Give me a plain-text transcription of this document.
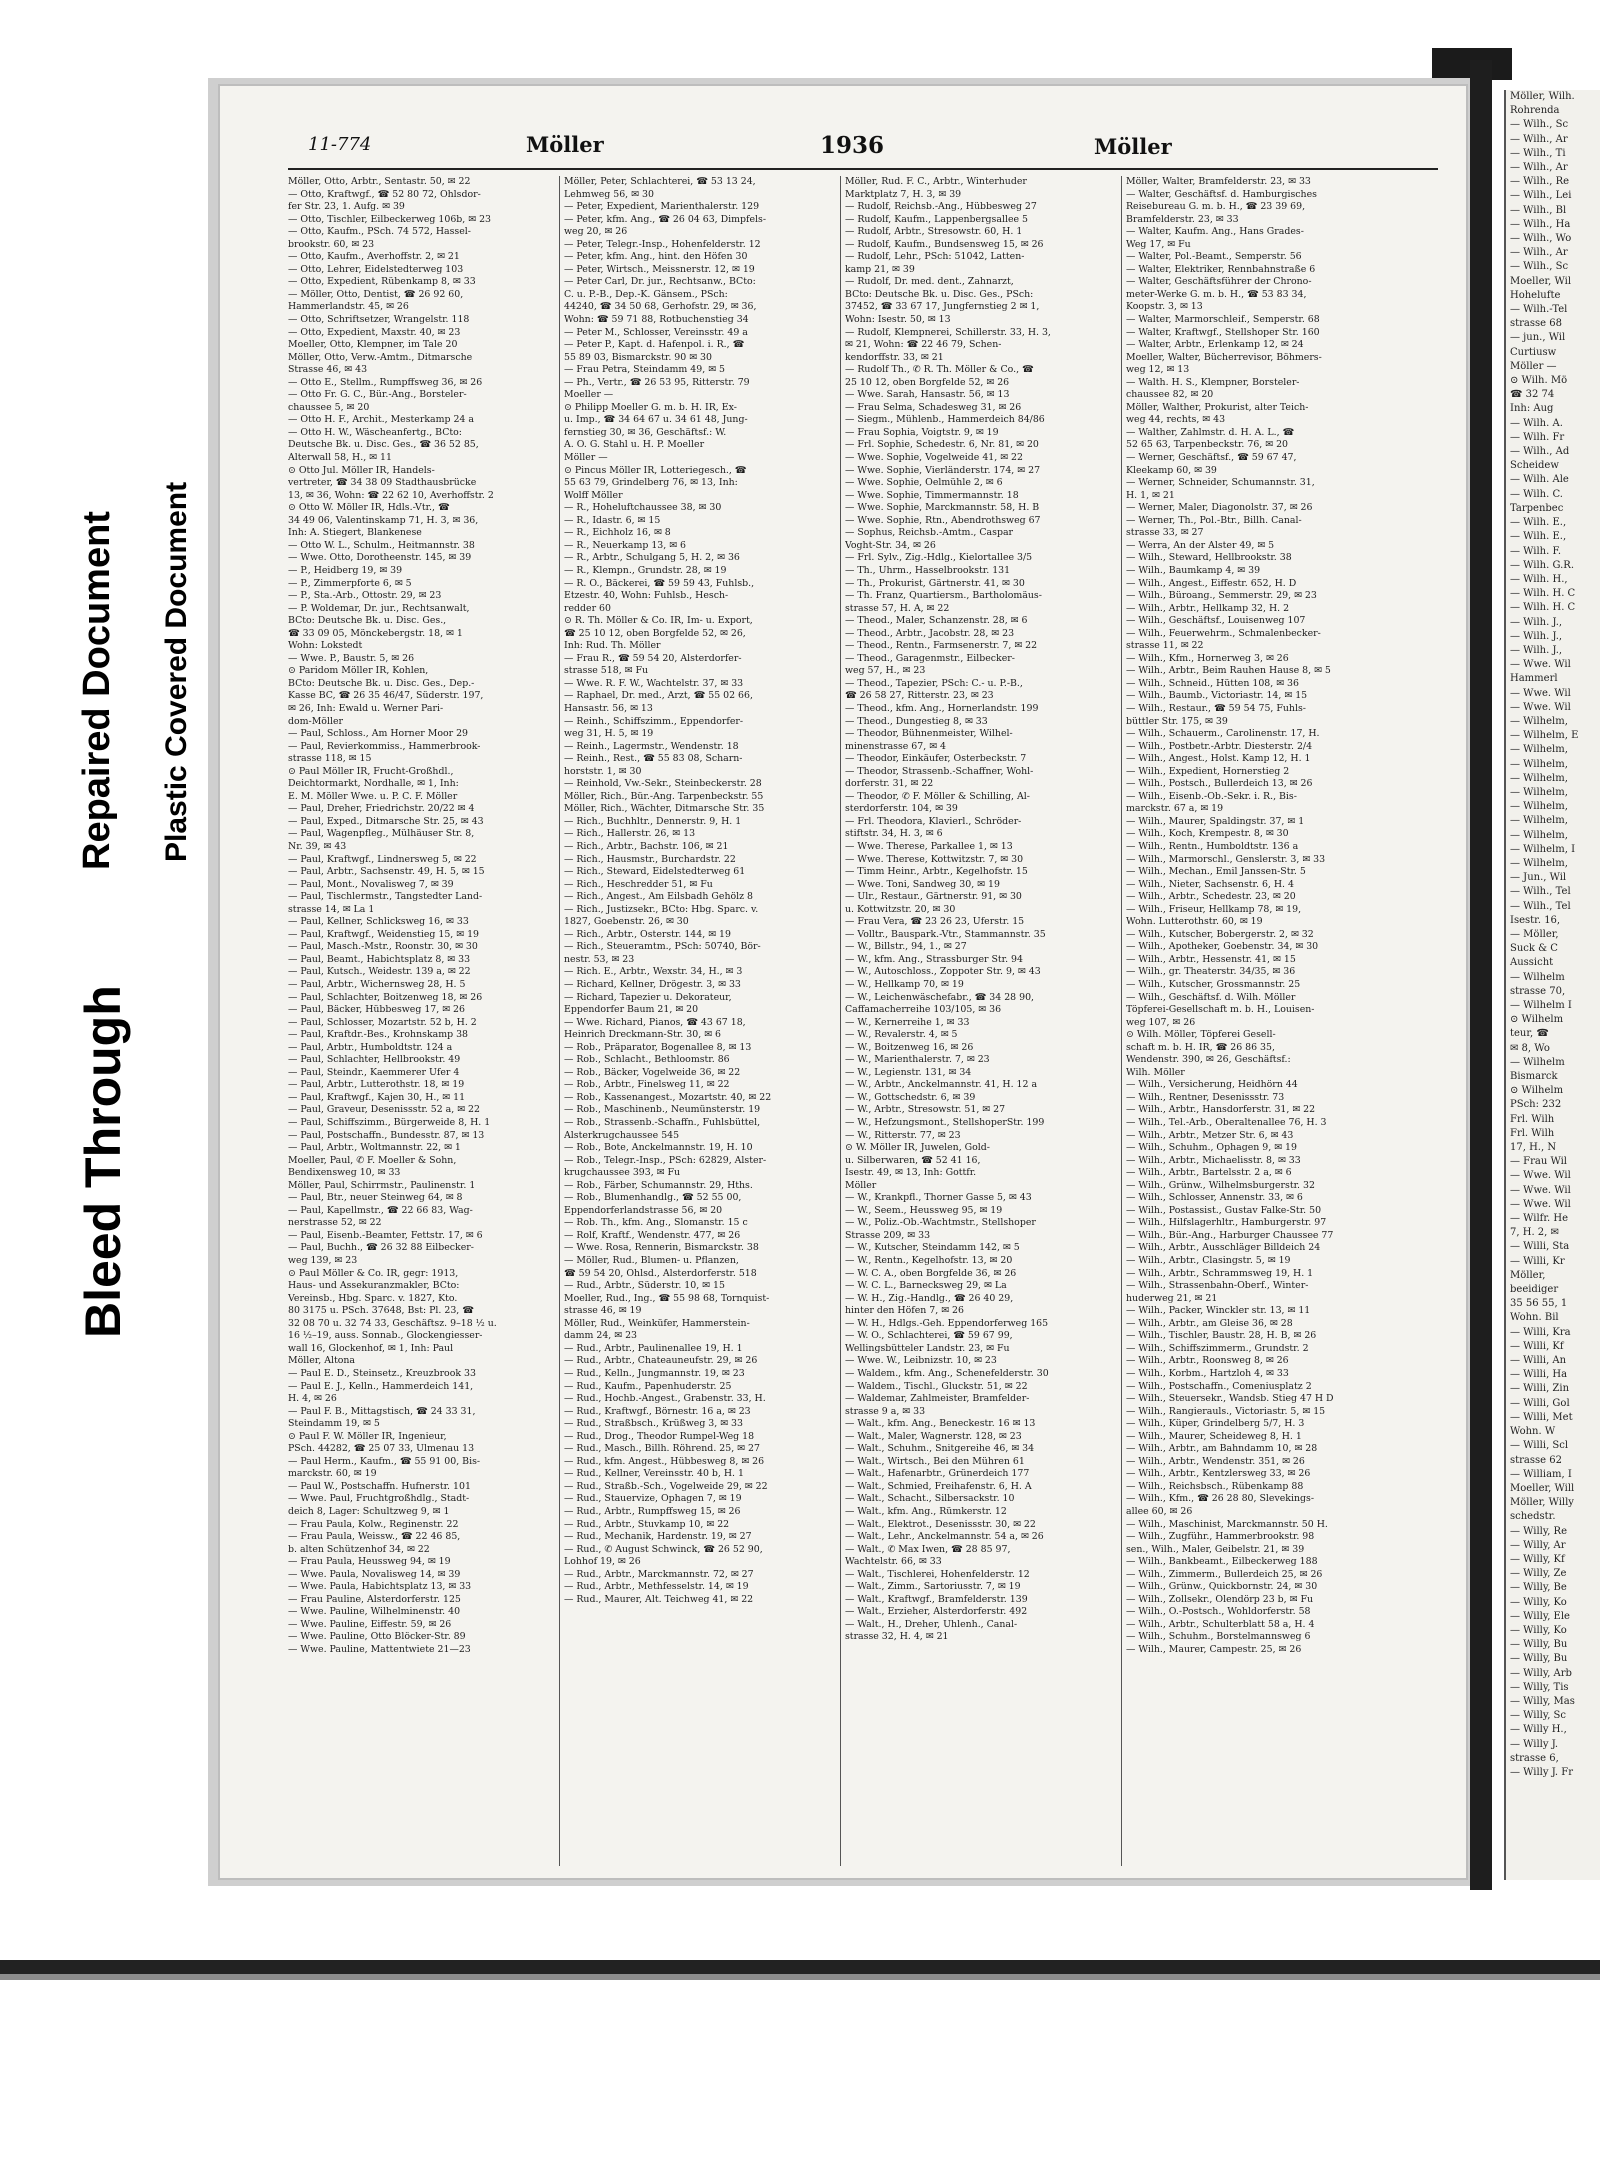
Möller, Wilh.
Rohrenda
— Wilh., Sc
— Wilh., Ar
— Wilh., Ti
— Wilh., Ar
— Wilh., Re
— Wilh., Lei
— Wilh., Bl
— Wilh., Ha
— Wilh., Wo
— Wilh., Ar
— Wilh., Sc
Moeller, Wil
Hohelufte
— Wilh.-Tel
strasse 68
— jun., Wil
Curtiusw
Möller —
⊙ Wilh. Mö
☎ 32 74
Inh: Aug
— Wilh. A.
— Wilh. Fr
— Wilh., Ad
Scheidew
— Wilh. Ale
— Wilh. C.
Tarpenbec
— Wilh. E.,
— Wilh. E.,
— Wilh. F.
— Wilh. G.R.
— Wilh. H.,
— Wilh. H. C
— Wilh. H. C
— Wilh. J.,
— Wilh. J.,
— Wilh. J.,
— Wwe. Wil
Hammerl
— Wwe. Wil
— Wwe. Wil
— Wilhelm,
— Wilhelm, E
— Wilhelm,
— Wilhelm,
— Wilhelm,
— Wilhelm,
— Wilhelm,
— Wilhelm,
— Wilhelm,
— Wilhelm, I
— Wilhelm,
— Jun., Wil
— Wilh., Tel
— Wilh., Tel
Isestr. 16,
— Möller,
Suck & C
Aussicht
— Wilhelm
strasse 70,
— Wilhelm I
⊙ Wilhelm
teur, ☎
✉ 8, Wo
— Wilhelm
Bismarck
⊙ Wilhelm
PSch: 232
Frl. Wilh
Frl. Wilh
17, H., N
— Frau Wil
— Wwe. Wil
— Wwe. Wil
— Wwe. Wil
— Wilfr. He
7, H. 2, ✉
— Willi, Sta
— Willi, Kr
Möller,
beeidiger
35 56 55, 1
Wohn. Bil
— Willi, Kra
— Willi, Kf
— Willi, An
— Willi, Ha
— Willi, Zin
— Willi, Gol
— Willi, Met
Wohn. W
— Willi, Scl
strasse 62
— William, I
Moeller, Will
Möller, Willy
schedstr.
— Willy, Re
— Willy, Ar
— Willy, Kf
— Willy, Ze
— Willy, Be
— Willy, Ko
— Willy, Ele
— Willy, Ko
— Willy, Bu
— Willy, Bu
— Willy, Arb
— Willy, Tis
— Willy, Mas
— Willy, Sc
— Willy H.,
— Willy J.
strasse 6,
— Willy J. Fr
11-774	Möller	1936	Möller
Möller, Otto, Arbtr., Sentastr. 50, ✉ 22
— Otto, Kraftwgf., ☎ 52 80 72, Ohlsdor-
fer Str. 23, 1. Aufg. ✉ 39
— Otto, Tischler, Eilbeckerweg 106b, ✉ 23
— Otto, Kaufm., PSch. 74 572, Hassel-
brookstr. 60, ✉ 23
— Otto, Kaufm., Averhoffstr. 2, ✉ 21
— Otto, Lehrer, Eidelstedterweg 103
— Otto, Expedient, Rübenkamp 8, ✉ 33
— Möller, Otto, Dentist, ☎ 26 92 60,
Hammerlandstr. 45, ✉ 26
— Otto, Schriftsetzer, Wrangelstr. 118
— Otto, Expedient, Maxstr. 40, ✉ 23
Moeller, Otto, Klempner, im Tale 20
Möller, Otto, Verw.-Amtm., Ditmarsche
Strasse 46, ✉ 43
— Otto E., Stellm., Rumpffsweg 36, ✉ 26
— Otto Fr. G. C., Bür.-Ang., Borsteler-
chaussee 5, ✉ 20
— Otto H. F., Archit., Mesterkamp 24 a
— Otto H. W., Wäscheanfertg., BCto:
Deutsche Bk. u. Disc. Ges., ☎ 36 52 85,
Alterwall 58, H., ✉ 11
⊙ Otto Jul. Möller IR, Handels-
vertreter, ☎ 34 38 09 Stadthausbrücke
13, ✉ 36, Wohn: ☎ 22 62 10, Averhoffstr. 2
⊙ Otto W. Möller IR, Hdls.-Vtr., ☎
34 49 06, Valentinskamp 71, H. 3, ✉ 36,
Inh: A. Stiegert, Blankenese
— Otto W. L., Schulm., Heitmannstr. 38
— Wwe. Otto, Dorotheenstr. 145, ✉ 39
— P., Heidberg 19, ✉ 39
— P., Zimmerpforte 6, ✉ 5
— P., Sta.-Arb., Ottostr. 29, ✉ 23
— P. Woldemar, Dr. jur., Rechtsanwalt,
BCto: Deutsche Bk. u. Disc. Ges.,
☎ 33 09 05, Mönckebergstr. 18, ✉ 1
Wohn: Lokstedt
— Wwe. P., Baustr. 5, ✉ 26
⊙ Paridom Möller IR, Kohlen,
BCto: Deutsche Bk. u. Disc. Ges., Dep.-
Kasse BC, ☎ 26 35 46/47, Süderstr. 197,
✉ 26, Inh: Ewald u. Werner Pari-
dom-Möller
— Paul, Schloss., Am Horner Moor 29
— Paul, Revierkommiss., Hammerbrook-
strasse 118, ✉ 15
⊙ Paul Möller IR, Frucht-Großhdl.,
Deichtormarkt, Nordhalle, ✉ 1, Inh:
E. M. Möller Wwe. u. P. C. F. Möller
— Paul, Dreher, Friedrichstr. 20/22 ✉ 4
— Paul, Exped., Ditmarsche Str. 25, ✉ 43
— Paul, Wagenpfleg., Mülhäuser Str. 8,
Nr. 39, ✉ 43
— Paul, Kraftwgf., Lindnersweg 5, ✉ 22
— Paul, Arbtr., Sachsenstr. 49, H. 5, ✉ 15
— Paul, Mont., Novalisweg 7, ✉ 39
— Paul, Tischlermstr., Tangstedter Land-
strasse 14, ✉ La 1
— Paul, Kellner, Schlicksweg 16, ✉ 33
— Paul, Kraftwgf., Weidenstieg 15, ✉ 19
— Paul, Masch.-Mstr., Roonstr. 30, ✉ 30
— Paul, Beamt., Habichtsplatz 8, ✉ 33
— Paul, Kutsch., Weidestr. 139 a, ✉ 22
— Paul, Arbtr., Wichernsweg 28, H. 5
— Paul, Schlachter, Boitzenweg 18, ✉ 26
— Paul, Bäcker, Hübbesweg 17, ✉ 26
— Paul, Schlosser, Mozartstr. 52 b, H. 2
— Paul, Kraftdr.-Bes., Krohnskamp 38
— Paul, Arbtr., Humboldtstr. 124 a
— Paul, Schlachter, Hellbrookstr. 49
— Paul, Steindr., Kaemmerer Ufer 4
— Paul, Arbtr., Lutterothstr. 18, ✉ 19
— Paul, Kraftwgf., Kajen 30, H., ✉ 11
— Paul, Graveur, Desenissstr. 52 a, ✉ 22
— Paul, Schiffszimm., Bürgerweide 8, H. 1
— Paul, Postschaffn., Bundesstr. 87, ✉ 13
— Paul, Arbtr., Woltmannstr. 22, ✉ 1
Moeller, Paul, ✆ F. Moeller & Sohn,
Bendixensweg 10, ✉ 33
Möller, Paul, Schirrmstr., Paulinenstr. 1
— Paul, Btr., neuer Steinweg 64, ✉ 8
— Paul, Kapellmstr., ☎ 22 66 83, Wag-
nerstrasse 52, ✉ 22
— Paul, Eisenb.-Beamter, Fettstr. 17, ✉ 6
— Paul, Buchh., ☎ 26 32 88 Eilbecker-
weg 139, ✉ 23
⊙ Paul Möller & Co. IR, gegr: 1913,
Haus- und Assekuranzmakler, BCto:
Vereinsb., Hbg. Sparc. v. 1827, Kto.
80 3175 u. PSch. 37648, Bst: Pl. 23, ☎
32 08 70 u. 32 74 33, Geschäftsz. 9–18 ½ u.
16 ½–19, auss. Sonnab., Glockengiesser-
wall 16, Glockenhof, ✉ 1, Inh: Paul
Möller, Altona
— Paul E. D., Steinsetz., Kreuzbrook 33
— Paul E. J., Kelln., Hammerdeich 141,
H. 4, ✉ 26
— Paul F. B., Mittagstisch, ☎ 24 33 31,
Steindamm 19, ✉ 5
⊙ Paul F. W. Möller IR, Ingenieur,
PSch. 44282, ☎ 25 07 33, Ulmenau 13
— Paul Herm., Kaufm., ☎ 55 91 00, Bis-
marckstr. 60, ✉ 19
— Paul W., Postschaffn. Hufnerstr. 101
— Wwe. Paul, Fruchtgroßhdlg., Stadt-
deich 8, Lager: Schultzweg 9, ✉ 1
— Frau Paula, Kolw., Reginenstr. 22
— Frau Paula, Weissw., ☎ 22 46 85,
b. alten Schützenhof 34, ✉ 22
— Frau Paula, Heussweg 94, ✉ 19
— Wwe. Paula, Novalisweg 14, ✉ 39
— Wwe. Paula, Habichtsplatz 13, ✉ 33
— Frau Pauline, Alsterdorferstr. 125
— Wwe. Pauline, Wilhelminenstr. 40
— Wwe. Pauline, Eiffestr. 59, ✉ 26
— Wwe. Pauline, Otto Blöcker-Str. 89
— Wwe. Pauline, Mattentwiete 21—23
Möller, Peter, Schlachterei, ☎ 53 13 24,
Lehmweg 56, ✉ 30
— Peter, Expedient, Marienthalerstr. 129
— Peter, kfm. Ang., ☎ 26 04 63, Dimpfels-
weg 20, ✉ 26
— Peter, Telegr.-Insp., Hohenfelderstr. 12
— Peter, kfm. Ang., hint. den Höfen 30
— Peter, Wirtsch., Meissnerstr. 12, ✉ 19
— Peter Carl, Dr. jur., Rechtsanw., BCto:
C. u. P.-B., Dep.-K. Gänsem., PSch:
44240, ☎ 34 50 68, Gerhofstr. 29, ✉ 36,
Wohn: ☎ 59 71 88, Rotbuchenstieg 34
— Peter M., Schlosser, Vereinsstr. 49 a
— Peter P., Kapt. d. Hafenpol. i. R., ☎
55 89 03, Bismarckstr. 90 ✉ 30
— Frau Petra, Steindamm 49, ✉ 5
— Ph., Vertr., ☎ 26 53 95, Ritterstr. 79
Moeller —
⊙ Philipp Moeller G. m. b. H. IR, Ex-
u. Imp., ☎ 34 64 67 u. 34 61 48, Jung-
fernstieg 30, ✉ 36, Geschäftsf.: W.
A. O. G. Stahl u. H. P. Moeller
Möller —
⊙ Pincus Möller IR, Lotteriegesch., ☎
55 63 79, Grindelberg 76, ✉ 13, Inh:
Wolff Möller
— R., Hoheluftchaussee 38, ✉ 30
— R., Idastr. 6, ✉ 15
— R., Eichholz 16, ✉ 8
— R., Neuerkamp 13, ✉ 6
— R., Arbtr., Schulgang 5, H. 2, ✉ 36
— R., Klempn., Grundstr. 28, ✉ 19
— R. O., Bäckerei, ☎ 59 59 43, Fuhlsb.,
Etzestr. 40, Wohn: Fuhlsb., Hesch-
redder 60
⊙ R. Th. Möller & Co. IR, Im- u. Export,
☎ 25 10 12, oben Borgfelde 52, ✉ 26,
Inh: Rud. Th. Möller
— Frau R., ☎ 59 54 20, Alsterdorfer-
strasse 518, ✉ Fu
— Wwe. R. F. W., Wachtelstr. 37, ✉ 33
— Raphael, Dr. med., Arzt, ☎ 55 02 66,
Hansastr. 56, ✉ 13
— Reinh., Schiffszimm., Eppendorfer-
weg 31, H. 5, ✉ 19
— Reinh., Lagermstr., Wendenstr. 18
— Reinh., Rest., ☎ 55 83 08, Scharn-
horststr. 1, ✉ 30
— Reinhold, Vw.-Sekr., Steinbeckerstr. 28
Möller, Rich., Bür.-Ang. Tarpenbeckstr. 55
Möller, Rich., Wächter, Ditmarsche Str. 35
— Rich., Buchhltr., Dennerstr. 9, H. 1
— Rich., Hallerstr. 26, ✉ 13
— Rich., Arbtr., Bachstr. 106, ✉ 21
— Rich., Hausmstr., Burchardstr. 22
— Rich., Steward, Eidelstedterweg 61
— Rich., Heschredder 51, ✉ Fu
— Rich., Angest., Am Eilsbadh Gehölz 8
— Rich., Justizsekr., BCto: Hbg. Sparc. v.
1827, Goebenstr. 26, ✉ 30
— Rich., Arbtr., Osterstr. 144, ✉ 19
— Rich., Steueramtm., PSch: 50740, Bör-
nestr. 53, ✉ 23
— Rich. E., Arbtr., Wexstr. 34, H., ✉ 3
— Richard, Kellner, Drögestr. 3, ✉ 33
— Richard, Tapezier u. Dekorateur,
Eppendorfer Baum 21, ✉ 20
— Wwe. Richard, Pianos, ☎ 43 67 18,
Heinrich Dreckmann-Str. 30, ✉ 6
— Rob., Präparator, Bogenallee 8, ✉ 13
— Rob., Schlacht., Bethloomstr. 86
— Rob., Bäcker, Vogelweide 36, ✉ 22
— Rob., Arbtr., Finelsweg 11, ✉ 22
— Rob., Kassenangest., Mozartstr. 40, ✉ 22
— Rob., Maschinenb., Neumünsterstr. 19
— Rob., Strassenb.-Schaffn., Fuhlsbüttel,
Alsterkrugchaussee 545
— Rob., Bote, Anckelmannstr. 19, H. 10
— Rob., Telegr.-Insp., PSch: 62829, Alster-
krugchaussee 393, ✉ Fu
— Rob., Färber, Schumannstr. 29, Hths.
— Rob., Blumenhandlg., ☎ 52 55 00,
Eppendorferlandstrasse 56, ✉ 20
— Rob. Th., kfm. Ang., Slomanstr. 15 c
— Rolf, Kraftf., Wendenstr. 477, ✉ 26
— Wwe. Rosa, Rennerin, Bismarckstr. 38
— Möller, Rud., Blumen- u. Pflanzen,
☎ 59 54 20, Ohlsd., Alsterdorferstr. 518
— Rud., Arbtr., Süderstr. 10, ✉ 15
Moeller, Rud., Ing., ☎ 55 98 68, Tornquist-
strasse 46, ✉ 19
Möller, Rud., Weinküfer, Hammerstein-
damm 24, ✉ 23
— Rud., Arbtr., Paulinenallee 19, H. 1
— Rud., Arbtr., Chateauneufstr. 29, ✉ 26
— Rud., Kelln., Jungmannstr. 19, ✉ 23
— Rud., Kaufm., Papenhuderstr. 25
— Rud., Hochb.-Angest., Grabenstr. 33, H.
— Rud., Kraftwgf., Börnestr. 16 a, ✉ 23
— Rud., Straßbsch., Krüßweg 3, ✉ 33
— Rud., Drog., Theodor Rumpel-Weg 18
— Rud., Masch., Billh. Röhrend. 25, ✉ 27
— Rud., kfm. Angest., Hübbesweg 8, ✉ 26
— Rud., Kellner, Vereinsstr. 40 b, H. 1
— Rud., Straßb.-Sch., Vogelweide 29, ✉ 22
— Rud., Stauervize, Ophagen 7, ✉ 19
— Rud., Arbtr., Rumpffsweg 15, ✉ 26
— Rud., Arbtr., Stuvkamp 10, ✉ 22
— Rud., Mechanik, Hardenstr. 19, ✉ 27
— Rud., ✆ August Schwinck, ☎ 26 52 90,
Lohhof 19, ✉ 26
— Rud., Arbtr., Marckmannstr. 72, ✉ 27
— Rud., Arbtr., Methfesselstr. 14, ✉ 19
— Rud., Maurer, Alt. Teichweg 41, ✉ 22
Möller, Rud. F. C., Arbtr., Winterhuder
Marktplatz 7, H. 3, ✉ 39
— Rudolf, Reichsb.-Ang., Hübbesweg 27
— Rudolf, Kaufm., Lappenbergsallee 5
— Rudolf, Arbtr., Stresowstr. 60, H. 1
— Rudolf, Kaufm., Bundsensweg 15, ✉ 26
— Rudolf, Lehr., PSch: 51042, Latten-
kamp 21, ✉ 39
— Rudolf, Dr. med. dent., Zahnarzt,
BCto: Deutsche Bk. u. Disc. Ges., PSch:
37452, ☎ 33 67 17, Jungfernstieg 2 ✉ 1,
Wohn: Isestr. 50, ✉ 13
— Rudolf, Klempnerei, Schillerstr. 33, H. 3,
✉ 21, Wohn: ☎ 22 46 79, Schen-
kendorffstr. 33, ✉ 21
— Rudolf Th., ✆ R. Th. Möller & Co., ☎
25 10 12, oben Borgfelde 52, ✉ 26
— Wwe. Sarah, Hansastr. 56, ✉ 13
— Frau Selma, Schadesweg 31, ✉ 26
— Siegm., Mühlenb., Hammerdeich 84/86
— Frau Sophia, Voigtstr. 9, ✉ 19
— Frl. Sophie, Schedestr. 6, Nr. 81, ✉ 20
— Wwe. Sophie, Vogelweide 41, ✉ 22
— Wwe. Sophie, Vierländerstr. 174, ✉ 27
— Wwe. Sophie, Oelmühle 2, ✉ 6
— Wwe. Sophie, Timmermannstr. 18
— Wwe. Sophie, Marckmannstr. 58, H. B
— Wwe. Sophie, Rtn., Abendrothsweg 67
— Sophus, Reichsb.-Amtm., Caspar
Voght-Str. 34, ✉ 26
— Frl. Sylv., Zig.-Hdlg., Kielortallee 3/5
— Th., Uhrm., Hasselbrookstr. 131
— Th., Prokurist, Gärtnerstr. 41, ✉ 30
— Th. Franz, Quartiersm., Bartholomäus-
strasse 57, H. A, ✉ 22
— Theod., Maler, Schanzenstr. 28, ✉ 6
— Theod., Arbtr., Jacobstr. 28, ✉ 23
— Theod., Rentn., Farmsenerstr. 7, ✉ 22
— Theod., Garagenmstr., Eilbecker-
weg 57, H., ✉ 23
— Theod., Tapezier, PSch: C.- u. P.-B.,
☎ 26 58 27, Ritterstr. 23, ✉ 23
— Theod., kfm. Ang., Hornerlandstr. 199
— Theod., Dungestieg 8, ✉ 33
— Theodor, Bühnenmeister, Wilhel-
minenstrasse 67, ✉ 4
— Theodor, Einkäufer, Osterbeckstr. 7
— Theodor, Strassenb.-Schaffner, Wohl-
dorferstr. 31, ✉ 22
— Theodor, ✆ F. Möller & Schilling, Al-
sterdorferstr. 104, ✉ 39
— Frl. Theodora, Klavierl., Schröder-
stiftstr. 34, H. 3, ✉ 6
— Wwe. Therese, Parkallee 1, ✉ 13
— Wwe. Therese, Kottwitzstr. 7, ✉ 30
— Timm Heinr., Arbtr., Kegelhofstr. 15
— Wwe. Toni, Sandweg 30, ✉ 19
— Ulr., Restaur., Gärtnerstr. 91, ✉ 30
u. Kottwitzstr. 20, ✉ 30
— Frau Vera, ☎ 23 26 23, Uferstr. 15
— Volltr., Bauspark.-Vtr., Stammannstr. 35
— W., Billstr., 94, 1., ✉ 27
— W., kfm. Ang., Strassburger Str. 94
— W., Autoschloss., Zoppoter Str. 9, ✉ 43
— W., Hellkamp 70, ✉ 19
— W., Leichenwäschefabr., ☎ 34 28 90,
Caffamacherreihe 103/105, ✉ 36
— W., Kernerreihe 1, ✉ 33
— W., Revalerstr. 4, ✉ 5
— W., Boitzenweg 16, ✉ 26
— W., Marienthalerstr. 7, ✉ 23
— W., Legienstr. 131, ✉ 34
— W., Arbtr., Anckelmannstr. 41, H. 12 a
— W., Gottschedstr. 6, ✉ 39
— W., Arbtr., Stresowstr. 51, ✉ 27
— W., Hefzungsmont., StellshoperStr. 199
— W., Ritterstr. 77, ✉ 23
⊙ W. Möller IR, Juwelen, Gold-
u. Silberwaren, ☎ 52 41 16,
Isestr. 49, ✉ 13, Inh: Gottfr.
Möller
— W., Krankpfl., Thorner Gasse 5, ✉ 43
— W., Seem., Heussweg 95, ✉ 19
— W., Poliz.-Ob.-Wachtmstr., Stellshoper
Strasse 209, ✉ 33
— W., Kutscher, Steindamm 142, ✉ 5
— W., Rentn., Kegelhofstr. 13, ✉ 20
— W. C. A., oben Borgfelde 36, ✉ 26
— W. C. L., Barnecksweg 29, ✉ La
— W. H., Zig.-Handlg., ☎ 26 40 29,
hinter den Höfen 7, ✉ 26
— W. H., Hdlgs.-Geh. Eppendorferweg 165
— W. O., Schlachterei, ☎ 59 67 99,
Wellingsbütteler Landstr. 23, ✉ Fu
— Wwe. W., Leibnizstr. 10, ✉ 23
— Waldem., kfm. Ang., Schenefelderstr. 30
— Waldem., Tischl., Gluckstr. 51, ✉ 22
— Waldemar, Zahlmeister, Bramfelder-
strasse 9 a, ✉ 33
— Walt., kfm. Ang., Beneckestr. 16 ✉ 13
— Walt., Maler, Wagnerstr. 128, ✉ 23
— Walt., Schuhm., Snitgereihe 46, ✉ 34
— Walt., Wirtsch., Bei den Mühren 61
— Walt., Hafenarbtr., Grünerdeich 177
— Walt., Schmied, Freihafenstr. 6, H. A
— Walt., Schacht., Silbersackstr. 10
— Walt., kfm. Ang., Rümkerstr. 12
— Walt., Elektrot., Desenissstr. 30, ✉ 22
— Walt., Lehr., Anckelmannstr. 54 a, ✉ 26
— Walt., ✆ Max Iwen, ☎ 28 85 97,
Wachtelstr. 66, ✉ 33
— Walt., Tischlerei, Hohenfelderstr. 12
— Walt., Zimm., Sartoriusstr. 7, ✉ 19
— Walt., Kraftwgf., Bramfelderstr. 139
— Walt., Erzieher, Alsterdorferstr. 492
— Walt., H., Dreher, Uhlenh., Canal-
strasse 32, H. 4, ✉ 21
Möller, Walter, Bramfelderstr. 23, ✉ 33
— Walter, Geschäftsf. d. Hamburgisches
Reisebureau G. m. b. H., ☎ 23 39 69,
Bramfelderstr. 23, ✉ 33
— Walter, Kaufm. Ang., Hans Grades-
Weg 17, ✉ Fu
— Walter, Pol.-Beamt., Semperstr. 56
— Walter, Elektriker, Rennbahnstraße 6
— Walter, Geschäftsführer der Chrono-
meter-Werke G. m. b. H., ☎ 53 83 34,
Koopstr. 3, ✉ 13
— Walter, Marmorschleif., Semperstr. 68
— Walter, Kraftwgf., Stellshoper Str. 160
— Walter, Arbtr., Erlenkamp 12, ✉ 24
Moeller, Walter, Bücherrevisor, Böhmers-
weg 12, ✉ 13
— Walth. H. S., Klempner, Borsteler-
chaussee 82, ✉ 20
Möller, Walther, Prokurist, alter Teich-
weg 44, rechts, ✉ 43
— Walther, Zahlmstr. d. H. A. L., ☎
52 65 63, Tarpenbeckstr. 76, ✉ 20
— Werner, Geschäftsf., ☎ 59 67 47,
Kleekamp 60, ✉ 39
— Werner, Schneider, Schumannstr. 31,
H. 1, ✉ 21
— Werner, Maler, Diagonolstr. 37, ✉ 26
— Werner, Th., Pol.-Btr., Billh. Canal-
strasse 33, ✉ 27
— Werra, An der Alster 49, ✉ 5
— Wilh., Steward, Hellbrookstr. 38
— Wilh., Baumkamp 4, ✉ 39
— Wilh., Angest., Eiffestr. 652, H. D
— Wilh., Büroang., Semmerstr. 29, ✉ 23
— Wilh., Arbtr., Hellkamp 32, H. 2
— Wilh., Geschäftsf., Louisenweg 107
— Wilh., Feuerwehrm., Schmalenbecker-
strasse 11, ✉ 22
— Wilh., Kfm., Hornerweg 3, ✉ 26
— Wilh., Arbtr., Beim Rauhen Hause 8, ✉ 5
— Wilh., Schneid., Hütten 108, ✉ 36
— Wilh., Baumb., Victoriastr. 14, ✉ 15
— Wilh., Restaur., ☎ 59 54 75, Fuhls-
büttler Str. 175, ✉ 39
— Wilh., Schauerm., Carolinenstr. 17, H.
— Wilh., Postbetr.-Arbtr. Diesterstr. 2/4
— Wilh., Angest., Holst. Kamp 12, H. 1
— Wilh., Expedient, Hornerstieg 2
— Wilh., Postsch., Bullerdeich 13, ✉ 26
— Wilh., Eisenb.-Ob.-Sekr. i. R., Bis-
marckstr. 67 a, ✉ 19
— Wilh., Maurer, Spaldingstr. 37, ✉ 1
— Wilh., Koch, Krempestr. 8, ✉ 30
— Wilh., Rentn., Humboldtstr. 136 a
— Wilh., Marmorschl., Genslerstr. 3, ✉ 33
— Wilh., Mechan., Emil Janssen-Str. 5
— Wilh., Nieter, Sachsenstr. 6, H. 4
— Wilh., Arbtr., Schedestr. 23, ✉ 20
— Wilh., Friseur, Hellkamp 78, ✉ 19,
Wohn. Lutterothstr. 60, ✉ 19
— Wilh., Kutscher, Bobergerstr. 2, ✉ 32
— Wilh., Apotheker, Goebenstr. 34, ✉ 30
— Wilh., Arbtr., Hessenstr. 41, ✉ 15
— Wilh., gr. Theaterstr. 34/35, ✉ 36
— Wilh., Kutscher, Grossmannstr. 25
— Wilh., Geschäftsf. d. Wilh. Möller
Töpferei-Gesellschaft m. b. H., Louisen-
weg 107, ✉ 26
⊙ Wilh. Möller, Töpferei Gesell-
schaft m. b. H. IR, ☎ 26 86 35,
Wendenstr. 390, ✉ 26, Geschäftsf.:
Wilh. Möller
— Wilh., Versicherung, Heidhörn 44
— Wilh., Rentner, Desenissstr. 73
— Wilh., Arbtr., Hansdorferstr. 31, ✉ 22
— Wilh., Tel.-Arb., Oberaltenallee 76, H. 3
— Wilh., Arbtr., Metzer Str. 6, ✉ 43
— Wilh., Schuhm., Ophagen 9, ✉ 19
— Wilh., Arbtr., Michaelisstr. 8, ✉ 33
— Wilh., Arbtr., Bartelsstr. 2 a, ✉ 6
— Wilh., Grünw., Wilhelmsburgerstr. 32
— Wilh., Schlosser, Annenstr. 33, ✉ 6
— Wilh., Postassist., Gustav Falke-Str. 50
— Wilh., Hilfslagerhltr., Hamburgerstr. 97
— Wilh., Bür.-Ang., Harburger Chaussee 77
— Wilh., Arbtr., Ausschläger Billdeich 24
— Wilh., Arbtr., Clasingstr. 5, ✉ 19
— Wilh., Arbtr., Schrammsweg 19, H. 1
— Wilh., Strassenbahn-Oberf., Winter-
huderweg 21, ✉ 21
— Wilh., Packer, Winckler str. 13, ✉ 11
— Wilh., Arbtr., am Gleise 36, ✉ 28
— Wilh., Tischler, Baustr. 28, H. B, ✉ 26
— Wilh., Schiffszimmerm., Grundstr. 2
— Wilh., Arbtr., Roonsweg 8, ✉ 26
— Wilh., Korbm., Hartzloh 4, ✉ 33
— Wilh., Postschaffn., Comeniusplatz 2
— Wilh., Steuersekr., Wandsb. Stieg 47 H D
— Wilh., Rangierauls., Victoriastr. 5, ✉ 15
— Wilh., Küper, Grindelberg 5/7, H. 3
— Wilh., Maurer, Scheideweg 8, H. 1
— Wilh., Arbtr., am Bahndamm 10, ✉ 28
— Wilh., Arbtr., Wendenstr. 351, ✉ 26
— Wilh., Arbtr., Kentzlersweg 33, ✉ 26
— Wilh., Reichsbsch., Rübenkamp 88
— Wilh., Kfm., ☎ 26 28 80, Slevekings-
allee 60, ✉ 26
— Wilh., Maschinist, Marckmannstr. 50 H.
— Wilh., Zugführ., Hammerbrookstr. 98
sen., Wilh., Maler, Geibelstr. 21, ✉ 39
— Wilh., Bankbeamt., Eilbeckerweg 188
— Wilh., Zimmerm., Bullerdeich 25, ✉ 26
— Wilh., Grünw., Quickbornstr. 24, ✉ 30
— Wilh., Zollsekr., Olendörp 23 b, ✉ Fu
— Wilh., O.-Postsch., Wohldorferstr. 58
— Wilh., Arbtr., Schulterblatt 58 a, H. 4
— Wilh., Schuhm., Borstelmannsweg 6
— Wilh., Maurer, Campestr. 25, ✉ 26
Bleed Through
Repaired Document Plastic Covered Document
